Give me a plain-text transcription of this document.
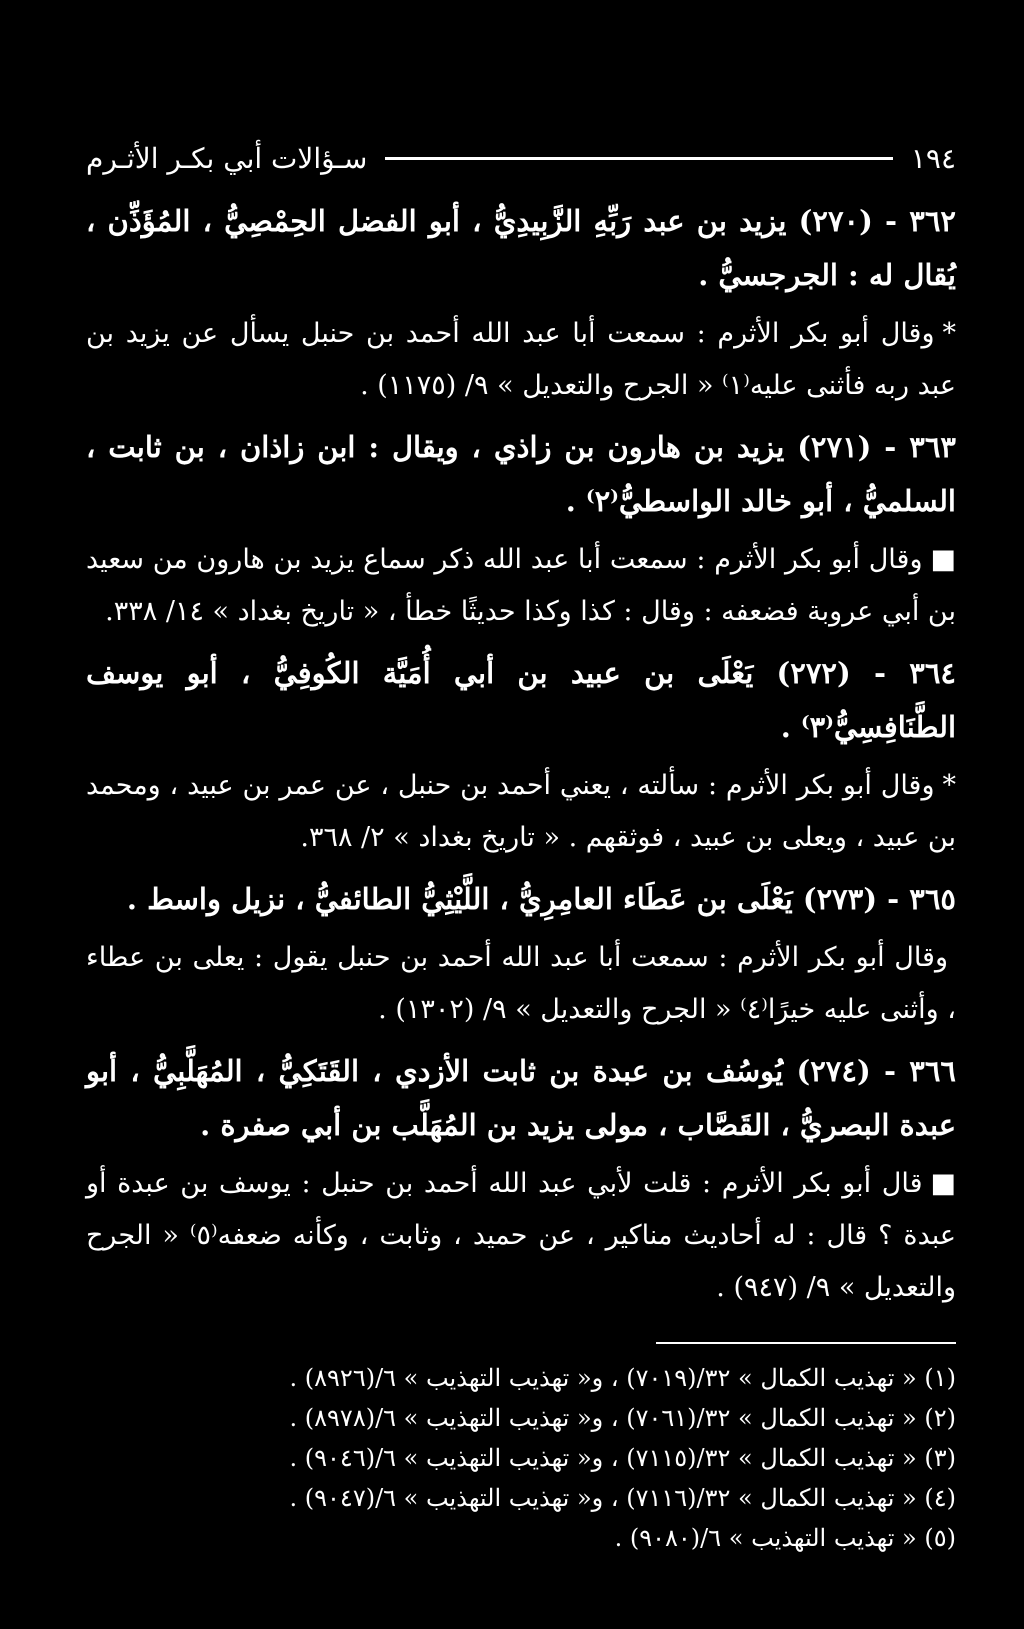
١٩٤
سـؤالات أبي بكـر الأثـرم
٣٦٢ - (٢٧٠) يزيد بن عبد رَبِّهِ الزَّبِيدِيُّ ، أبو الفضل الحِمْصِيُّ ، المُؤَذِّن ، يُقال له : الجرجسيُّ .
*وقال أبو بكر الأثرم : سمعت أبا عبد الله أحمد بن حنبل يسأل عن يزيد بن عبد ربه فأثنى عليه⁽١⁾ « الجرح والتعديل » ٩/ (١١٧٥) .
٣٦٣ - (٢٧١) يزيد بن هارون بن زاذي ، ويقال : ابن زاذان ، بن ثابت ، السلميُّ ، أبو خالد الواسطيُّ⁽٢⁾ .
■وقال أبو بكر الأثرم : سمعت أبا عبد الله ذكر سماع يزيد بن هارون من سعيد بن أبي عروبة فضعفه : وقال : كذا وكذا حديثًا خطأ ، « تاريخ بغداد » ١٤/ ٣٣٨.
٣٦٤ - (٢٧٢) يَعْلَى بن عبيد بن أبي أُمَيَّة الكُوفِيُّ ، أبو يوسف الطَّنَافِسِيُّ⁽٣⁾ .
*وقال أبو بكر الأثرم : سألته ، يعني أحمد بن حنبل ، عن عمر بن عبيد ، ومحمد بن عبيد ، ويعلى بن عبيد ، فوثقهم . « تاريخ بغداد » ٢/ ٣٦٨.
٣٦٥ - (٢٧٣) يَعْلَى بن عَطَاء العامِرِيُّ ، اللَّيْثِيُّ الطائفيُّ ، نزيل واسط .
وقال أبو بكر الأثرم : سمعت أبا عبد الله أحمد بن حنبل يقول : يعلى بن عطاء ، وأثنى عليه خيرًا⁽٤⁾ « الجرح والتعديل » ٩/ (١٣٠٢) .
٣٦٦ - (٢٧٤) يُوسُف بن عبدة بن ثابت الأزدي ، القَتَكِيُّ ، المُهَلَّبِيُّ ، أبو عبدة البصريُّ ، القَصَّاب ، مولى يزيد بن المُهَلَّب بن أبي صفرة .
■قال أبو بكر الأثرم : قلت لأبي عبد الله أحمد بن حنبل : يوسف بن عبدة أو عبدة ؟ قال : له أحاديث مناكير ، عن حميد ، وثابت ، وكأنه ضعفه⁽٥⁾ « الجرح والتعديل » ٩/ (٩٤٧) .
(١) « تهذيب الكمال » ٣٢/(٧٠١٩) ، و« تهذيب التهذيب » ٦/(٨٩٢٦) .
(٢) « تهذيب الكمال » ٣٢/(٧٠٦١) ، و« تهذيب التهذيب » ٦/(٨٩٧٨) .
(٣) « تهذيب الكمال » ٣٢/(٧١١٥) ، و« تهذيب التهذيب » ٦/(٩٠٤٦) .
(٤) « تهذيب الكمال » ٣٢/(٧١١٦) ، و« تهذيب التهذيب » ٦/(٩٠٤٧) .
(٥) « تهذيب التهذيب » ٦/(٩٠٨٠) .
